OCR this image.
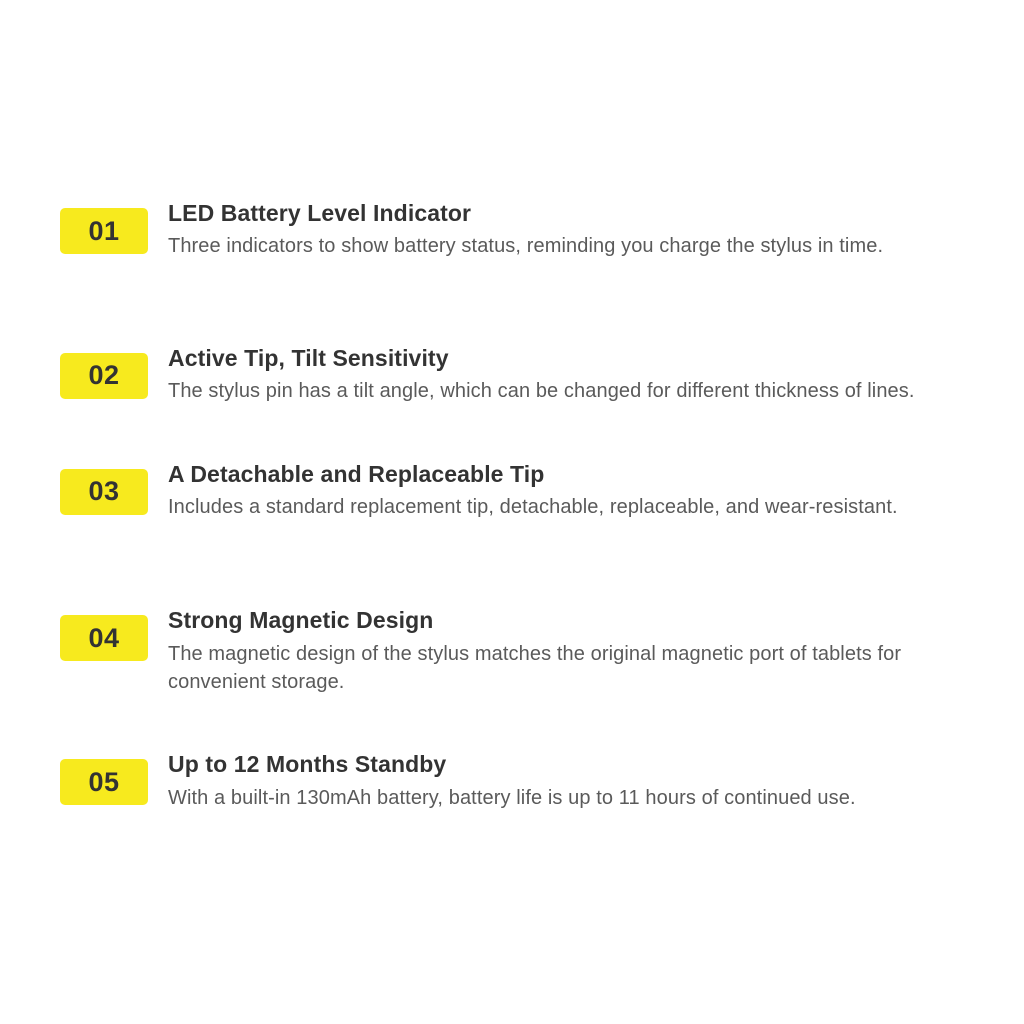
01

LED Battery Level Indicator

Three indicators to show battery status, reminding you charge the stylus in time.

02

Active Tip, Tilt Sensitivity

The stylus pin has a tilt angle, which can be changed for different thickness of lines.

03

A Detachable and Replaceable Tip

Includes a standard replacement tip, detachable, replaceable, and wear-resistant.

04

Strong Magnetic Design

The magnetic design of the stylus matches the original magnetic port of tablets for convenient storage.

05

Up to 12 Months Standby

With a built-in 130mAh battery, battery life is up to 11 hours of continued use.
